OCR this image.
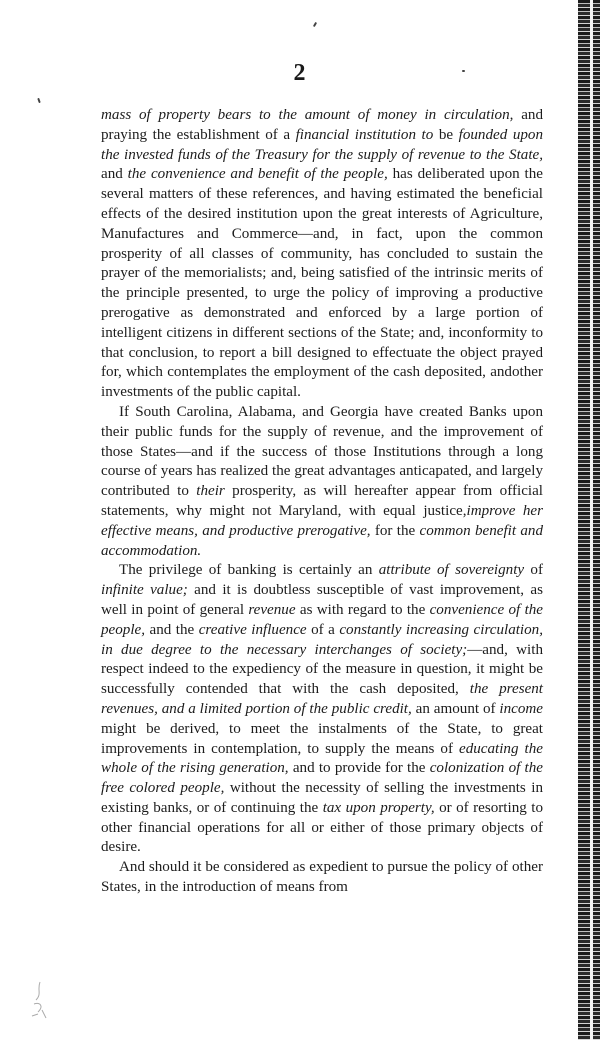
2

mass of property bears to the amount of money in circulation, and praying the establishment of a financial institution to be founded upon the invested funds of the Treasury for the supply of revenue to the State, and the convenience and benefit of the people, has deliberated upon the several matters of these references, and having estimated the beneficial effects of the desired institution upon the great interests of Agriculture, Manufactures and Commerce—and, in fact, upon the common prosperity of all classes of community, has concluded to sustain the prayer of the memorialists; and, being satisfied of the intrinsic merits of the principle presented, to urge the policy of improving a productive prerogative as demonstrated and enforced by a large portion of intelligent citizens in different sections of the State; and, inconformity to that conclusion, to report a bill designed to effectuate the object prayed for, which contemplates the employment of the cash deposited, andother investments of the public capital.

If South Carolina, Alabama, and Georgia have created Banks upon their public funds for the supply of revenue, and the improvement of those States—and if the success of those Institutions through a long course of years has realized the great advantages anticapated, and largely contributed to their prosperity, as will hereafter appear from official statements, why might not Maryland, with equal justice,improve her effective means, and productive prerogative, for the common benefit and accommodation.

The privilege of banking is certainly an attribute of sovereignty of infinite value; and it is doubtless susceptible of vast improvement, as well in point of general revenue as with regard to the convenience of the people, and the creative influence of a constantly increasing circulation, in due degree to the necessary interchanges of society;—and, with respect indeed to the expediency of the measure in question, it might be successfully contended that with the cash deposited, the present revenues, and a limited portion of the public credit, an amount of income might be derived, to meet the instalments of the State, to great improvements in contemplation, to supply the means of educating the whole of the rising generation, and to provide for the colonization of the free colored people, without the necessity of selling the investments in existing banks, or of continuing the tax upon property, or of resorting to other financial operations for all or either of those primary objects of desire.

And should it be considered as expedient to pursue the policy of other States, in the introduction of means from
